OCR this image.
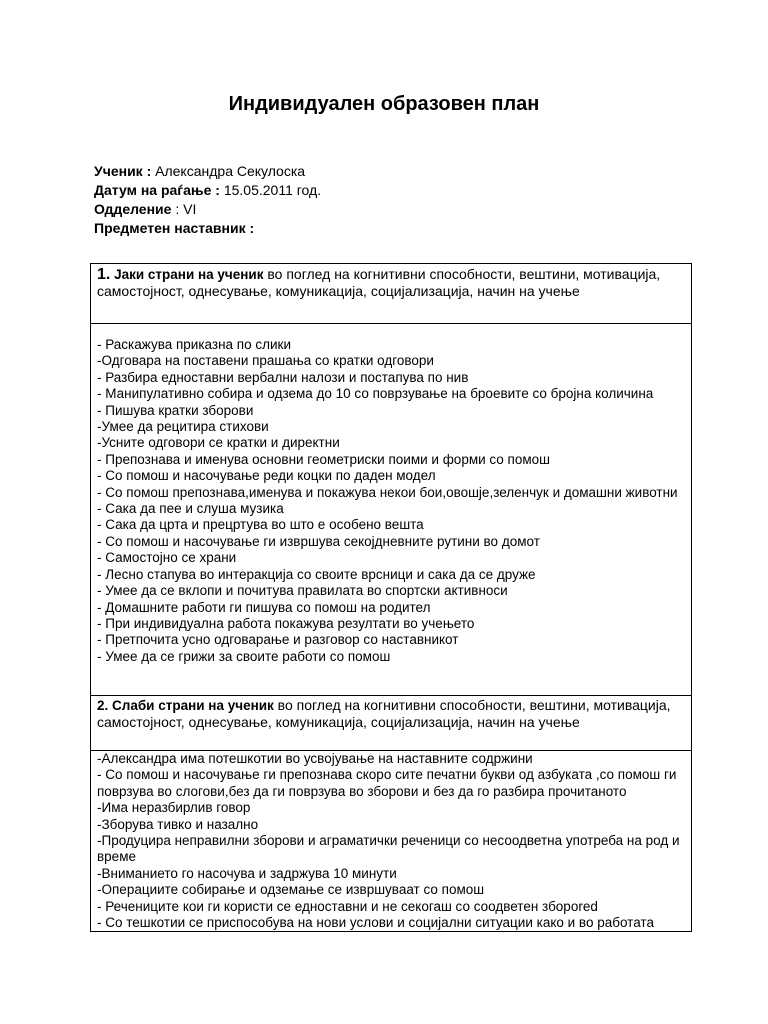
Индивидуален образовен план
Ученик : Александра Секулоска
Датум на раѓање : 15.05.2011 год.
Одделение : VI
Предметен наставник :
1. Јаки страни на ученик во поглед на когнитивни способности, вештини, мотивација, самостојност, однесување, комуникација, социјализација, начин на учење

- Раскажува приказна по слики
-Одговара на поставени прашања со кратки одговори
- Разбира едноставни вербални налози и постапува по нив
- Манипулативно собира и одзема до 10 со поврзување на броевите со бројна количина
- Пишува кратки зборови
-Умее да рецитира стихови
-Усните одговори се кратки и директни
- Препознава и именува основни геометриски поими и форми со помош
- Со помош и насочување реди коцки по даден модел
- Со помош препознава,именува и покажува некои бои,овошје,зеленчук и домашни животни
- Сака да пее и слуша музика
- Сака да црта и прецртува во што е особено вешта
- Со помош и насочување ги извршува секојдневните рутини во домот
- Самостојно се храни
- Лесно стапува во интеракција со своите врсници и сака да се друже
- Умее да се вклопи и почитува правилата во спортски активноси
- Домашните работи ги пишува со помош на родител
- При индивидуална работа покажува резултати во учењето
- Претпочита усно одговарање и разговор со наставникот
- Умее да се грижи за своите работи со помош

2. Слаби страни на ученик во поглед на когнитивни способности, вештини, мотивација, самостојност, однесување, комуникација, социјализација, начин на учење

-Александра има потешкотии во усвојување на наставните содржини
- Со помош и насочување ги препознава скоро сите печатни букви од азбуката ,со помош ги поврзува во слогови,без да ги поврзува во зборови и без да го разбира прочитаното
-Има неразбирлив говор
-Зборува тивко и назално
-Продуцира неправилни зборови и аграматички реченици со несоодветна употреба на род и време
-Вниманието го насочува и задржува 10 минути
-Операциите собирање и одземање се извршуваат со помош
- Речениците кои ги користи се едноставни и не секогаш со соодветен зборored
- Со тешкотии се приспособува на нови услови и социјални ситуации како и во работата
